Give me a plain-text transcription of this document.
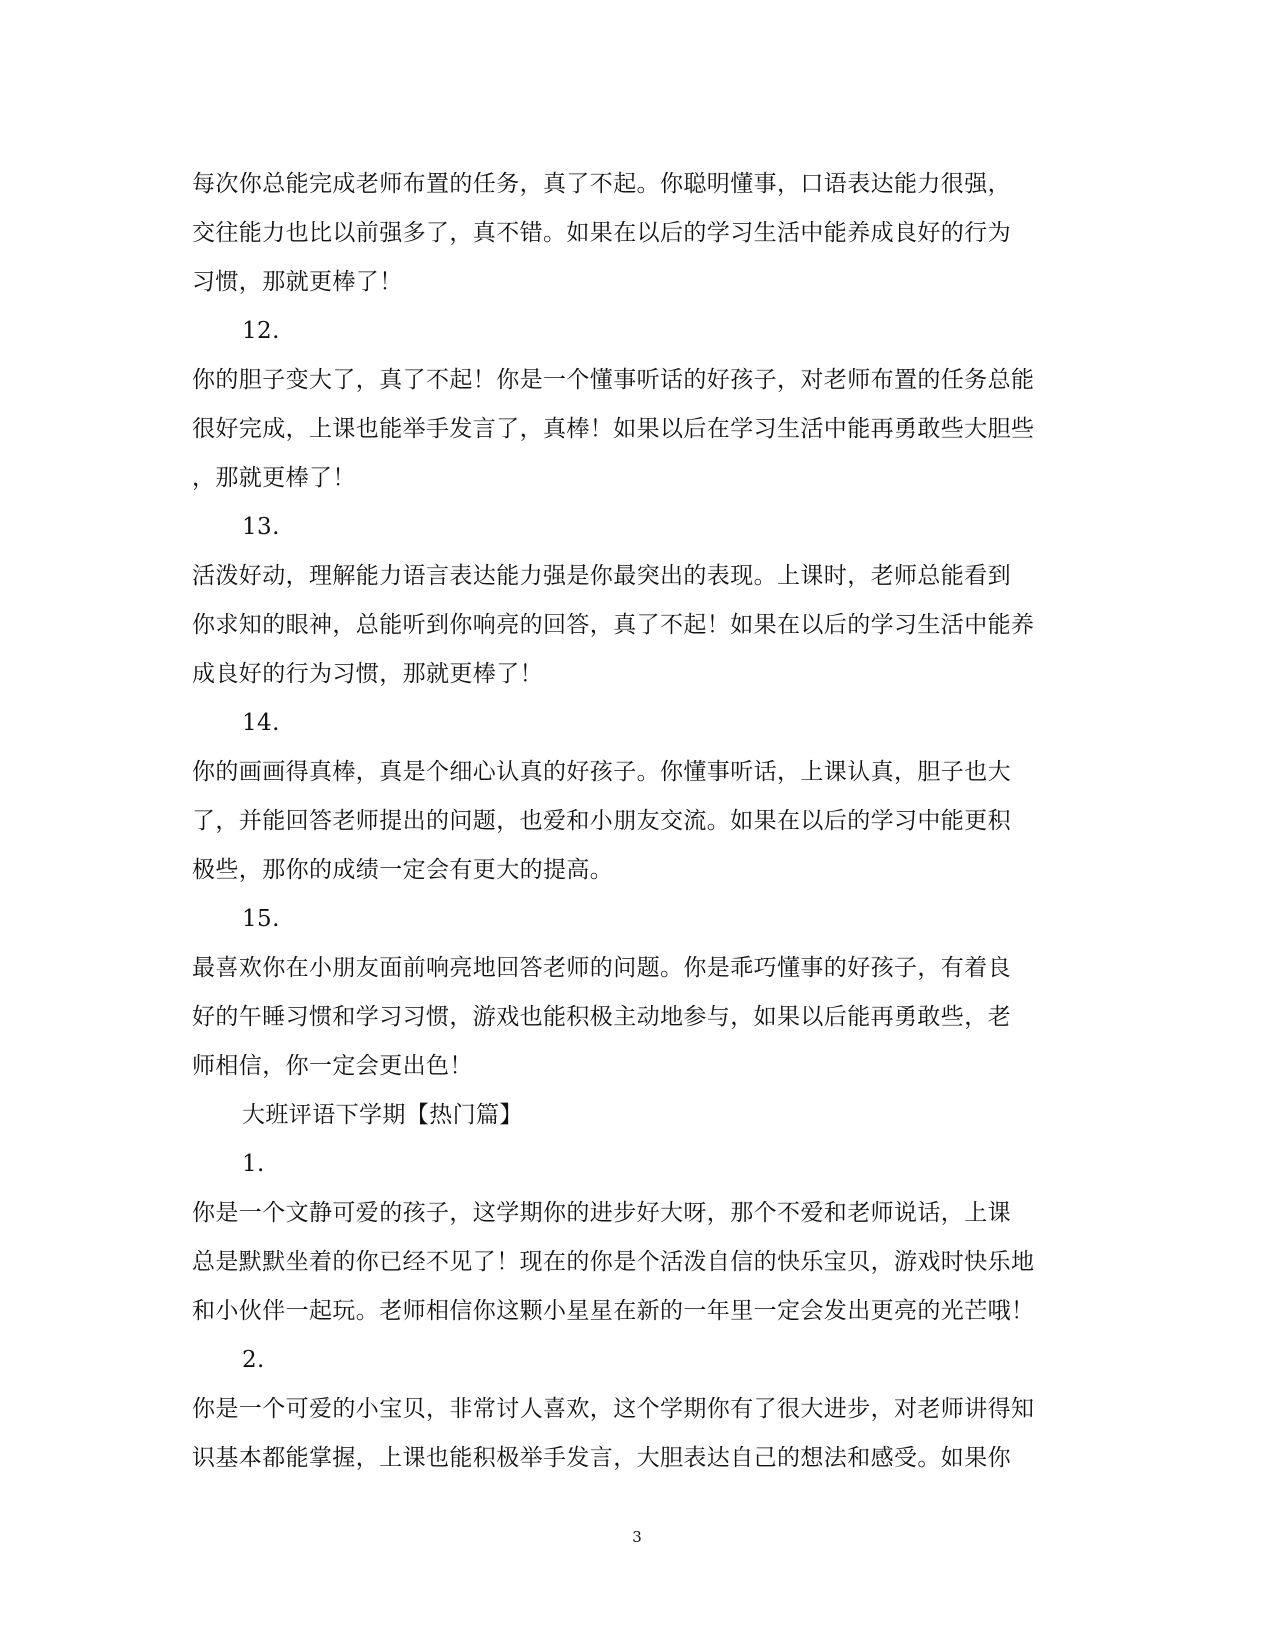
每次你总能完成老师布置的任务，真了不起。你聪明懂事，口语表达能力很强，
交往能力也比以前强多了，真不错。如果在以后的学习生活中能养成良好的行为
习惯，那就更棒了！
12.
你的胆子变大了，真了不起！你是一个懂事听话的好孩子，对老师布置的任务总能
很好完成，上课也能举手发言了，真棒！如果以后在学习生活中能再勇敢些大胆些
，那就更棒了！
13.
活泼好动，理解能力语言表达能力强是你最突出的表现。上课时，老师总能看到
你求知的眼神，总能听到你响亮的回答，真了不起！如果在以后的学习生活中能养
成良好的行为习惯，那就更棒了！
14.
你的画画得真棒，真是个细心认真的好孩子。你懂事听话，上课认真，胆子也大
了，并能回答老师提出的问题，也爱和小朋友交流。如果在以后的学习中能更积
极些，那你的成绩一定会有更大的提高。
15.
最喜欢你在小朋友面前响亮地回答老师的问题。你是乖巧懂事的好孩子，有着良
好的午睡习惯和学习习惯，游戏也能积极主动地参与，如果以后能再勇敢些，老
师相信，你一定会更出色！
大班评语下学期【热门篇】
1.
你是一个文静可爱的孩子，这学期你的进步好大呀，那个不爱和老师说话，上课
总是默默坐着的你已经不见了！现在的你是个活泼自信的快乐宝贝，游戏时快乐地
和小伙伴一起玩。老师相信你这颗小星星在新的一年里一定会发出更亮的光芒哦！
2.
你是一个可爱的小宝贝，非常讨人喜欢，这个学期你有了很大进步，对老师讲得知
识基本都能掌握，上课也能积极举手发言，大胆表达自己的想法和感受。如果你
3
